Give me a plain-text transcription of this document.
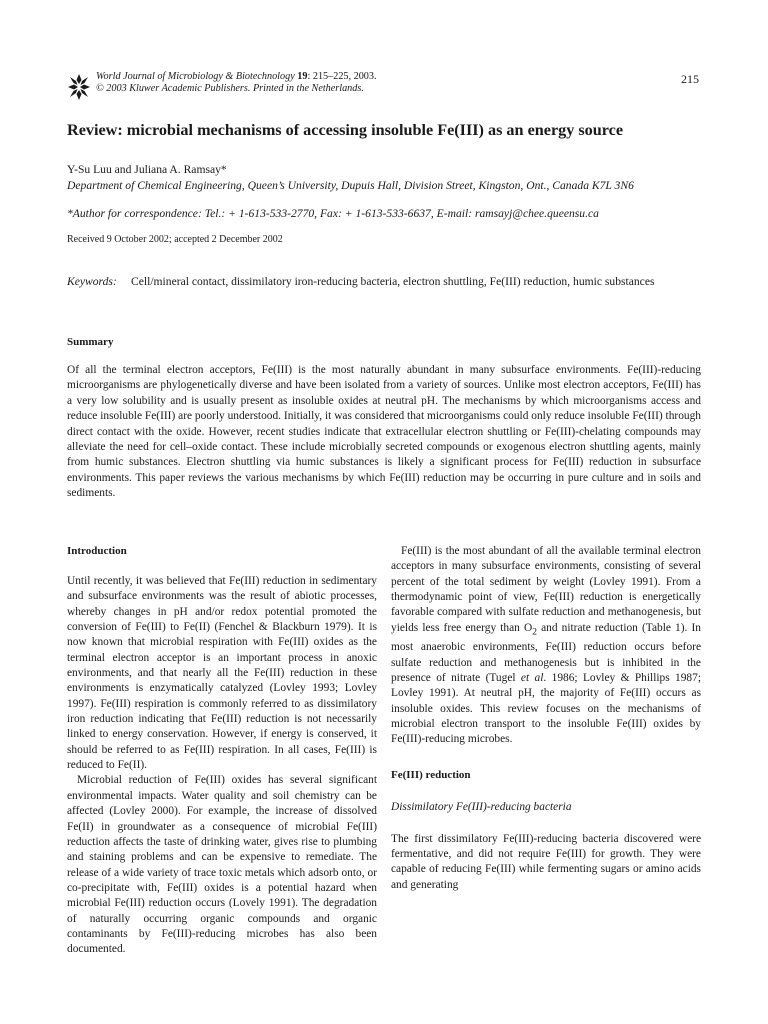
World Journal of Microbiology & Biotechnology 19: 215–225, 2003.
© 2003 Kluwer Academic Publishers. Printed in the Netherlands.
215
Review: microbial mechanisms of accessing insoluble Fe(III) as an energy source
Y-Su Luu and Juliana A. Ramsay*
Department of Chemical Engineering, Queen’s University, Dupuis Hall, Division Street, Kingston, Ont., Canada K7L 3N6
*Author for correspondence: Tel.: + 1-613-533-2770, Fax: + 1-613-533-6637, E-mail: ramsayj@chee.queensu.ca
Received 9 October 2002; accepted 2 December 2002
Keywords: Cell/mineral contact, dissimilatory iron-reducing bacteria, electron shuttling, Fe(III) reduction, humic substances
Summary

Of all the terminal electron acceptors, Fe(III) is the most naturally abundant in many subsurface environments. Fe(III)-reducing microorganisms are phylogenetically diverse and have been isolated from a variety of sources. Unlike most electron acceptors, Fe(III) has a very low solubility and is usually present as insoluble oxides at neutral pH. The mechanisms by which microorganisms access and reduce insoluble Fe(III) are poorly understood. Initially, it was considered that microorganisms could only reduce insoluble Fe(III) through direct contact with the oxide. However, recent studies indicate that extracellular electron shuttling or Fe(III)-chelating compounds may alleviate the need for cell–oxide contact. These include microbially secreted compounds or exogenous electron shuttling agents, mainly from humic substances. Electron shuttling via humic substances is likely a significant process for Fe(III) reduction in subsurface environments. This paper reviews the various mechanisms by which Fe(III) reduction may be occurring in pure culture and in soils and sediments.

Introduction

Until recently, it was believed that Fe(III) reduction in sedimentary and subsurface environments was the result of abiotic processes, whereby changes in pH and/or redox potential promoted the conversion of Fe(III) to Fe(II) (Fenchel & Blackburn 1979). It is now known that microbial respiration with Fe(III) oxides as the terminal electron acceptor is an important process in anoxic environments, and that nearly all the Fe(III) reduction in these environments is enzymatically catalyzed (Lovley 1993; Lovley 1997). Fe(III) respiration is commonly referred to as dissimilatory iron reduction indicating that Fe(III) reduction is not necessarily linked to energy conservation. However, if energy is conserved, it should be referred to as Fe(III) respiration. In all cases, Fe(III) is reduced to Fe(II).

Microbial reduction of Fe(III) oxides has several significant environmental impacts. Water quality and soil chemistry can be affected (Lovley 2000). For example, the increase of dissolved Fe(II) in groundwater as a consequence of microbial Fe(III) reduction affects the taste of drinking water, gives rise to plumbing and staining problems and can be expensive to remediate. The release of a wide variety of trace toxic metals which adsorb onto, or co-precipitate with, Fe(III) oxides is a potential hazard when microbial Fe(III) reduction occurs (Lovely 1991). The degradation of naturally occurring organic compounds and organic contaminants by Fe(III)-reducing microbes has also been documented.

Fe(III) is the most abundant of all the available terminal electron acceptors in many subsurface environments, consisting of several percent of the total sediment by weight (Lovley 1991). From a thermodynamic point of view, Fe(III) reduction is energetically favorable compared with sulfate reduction and methanogenesis, but yields less free energy than $O_2$ and nitrate reduction (Table 1). In most anaerobic environments, Fe(III) reduction occurs before sulfate reduction and methanogenesis but is inhibited in the presence of nitrate (Tugel et al. 1986; Lovley & Phillips 1987; Lovley 1991). At neutral pH, the majority of Fe(III) occurs as insoluble oxides. This review focuses on the mechanisms of microbial electron transport to the insoluble Fe(III) oxides by Fe(III)-reducing microbes.

Fe(III) reduction
Dissimilatory Fe(III)-reducing bacteria

The first dissimilatory Fe(III)-reducing bacteria discovered were fermentative, and did not require Fe(III) for growth. They were capable of reducing Fe(III) while fermenting sugars or amino acids and generating
